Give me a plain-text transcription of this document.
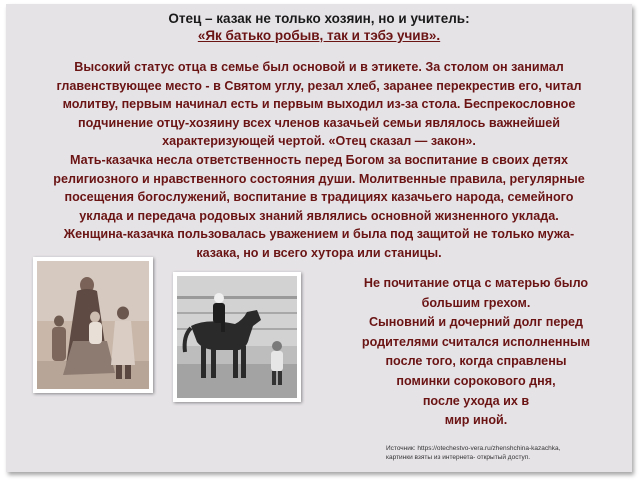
Отец – казак не только хозяин, но и учитель:
«Як батько робыв, так и тэбэ учив».

Высокий статус отца в семье был основой и в этикете. За столом он занимал

главенствующее место - в Святом углу, резал хлеб, заранее перекрестив его, читал

молитву, первым начинал есть и первым выходил из-за стола. Беспрекословное

подчинение отцу-хозяину всех членов казачьей семьи являлось важнейшей

характеризующей чертой. «Отец сказал — закон».

Мать-казачка несла ответственность перед Богом за воспитание в своих детях

религиозного и нравственного состояния души. Молитвенные правила, регулярные

посещения богослужений, воспитание в традициях казачьего народа, семейного

уклада и передача родовых знаний являлись основной жизненного уклада.

Женщина-казачка пользовалась уважением и была под защитой не только мужа-

казака, но и всего хутора или станицы.

Не почитание отца с матерью было

большим грехом.

Сыновний и дочерний долг перед

родителями считался исполненным

после того, когда справлены

поминки сорокового дня,

после ухода их в

мир иной.

Источник: https://otechestvo-vera.ru/zhenshchina-kazachka,

картинки взяты из интернета- открытый доступ.
